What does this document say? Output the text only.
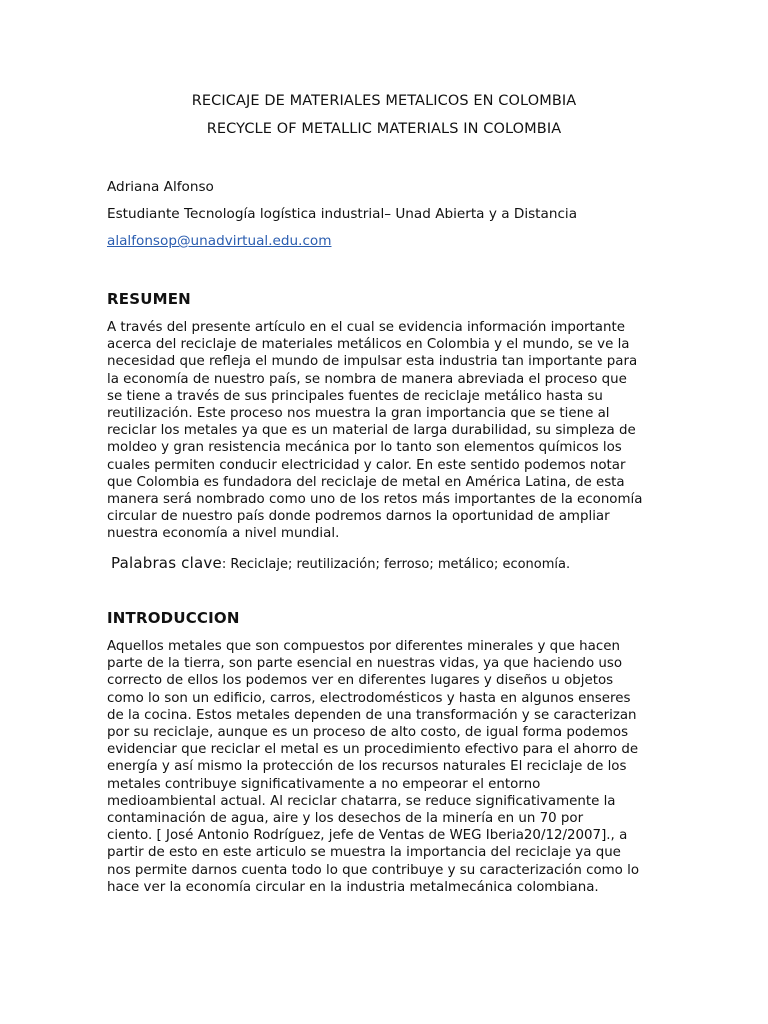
RECICAJE DE MATERIALES METALICOS EN COLOMBIA
RECYCLE OF METALLIC MATERIALS IN COLOMBIA
Adriana Alfonso
Estudiante Tecnología logística industrial– Unad Abierta y a Distancia
alalfonsop@unadvirtual.edu.com
RESUMEN

A través del presente artículo en el cual se evidencia información importante
acerca del reciclaje de materiales metálicos en Colombia y el mundo, se ve la
necesidad que refleja el mundo de impulsar esta industria tan importante para
la economía de nuestro país, se nombra de manera abreviada el proceso que
se tiene a través de sus principales fuentes de reciclaje metálico hasta su
reutilización. Este proceso nos muestra la gran importancia que se tiene al
reciclar los metales ya que es un material de larga durabilidad, su simpleza de
moldeo y gran resistencia mecánica por lo tanto son elementos químicos los
cuales permiten conducir electricidad y calor. En este sentido podemos notar
que Colombia es fundadora del reciclaje de metal en América Latina, de esta
manera será nombrado como uno de los retos más importantes de la economía
circular de nuestro país donde podremos darnos la oportunidad de ampliar
nuestra economía a nivel mundial.

Palabras clave: Reciclaje; reutilización; ferroso; metálico; economía.
INTRODUCCION

Aquellos metales que son compuestos por diferentes minerales y que hacen
parte de la tierra, son parte esencial en nuestras vidas, ya que haciendo uso
correcto de ellos los podemos ver en diferentes lugares y diseños u objetos
como lo son un edificio, carros, electrodomésticos y hasta en algunos enseres
de la cocina. Estos metales dependen de una transformación y se caracterizan
por su reciclaje, aunque es un proceso de alto costo, de igual forma podemos
evidenciar que reciclar el metal es un procedimiento efectivo para el ahorro de
energía y así mismo la protección de los recursos naturales El reciclaje de los
metales contribuye significativamente a no empeorar el entorno
medioambiental actual. Al reciclar chatarra, se reduce significativamente la
contaminación de agua, aire y los desechos de la minería en un 70 por
ciento. [ José Antonio Rodríguez, jefe de Ventas de WEG Iberia20/12/2007]., a
partir de esto en este articulo se muestra la importancia del reciclaje ya que
nos permite darnos cuenta todo lo que contribuye y su caracterización como lo
hace ver la economía circular en la industria metalmecánica colombiana.
